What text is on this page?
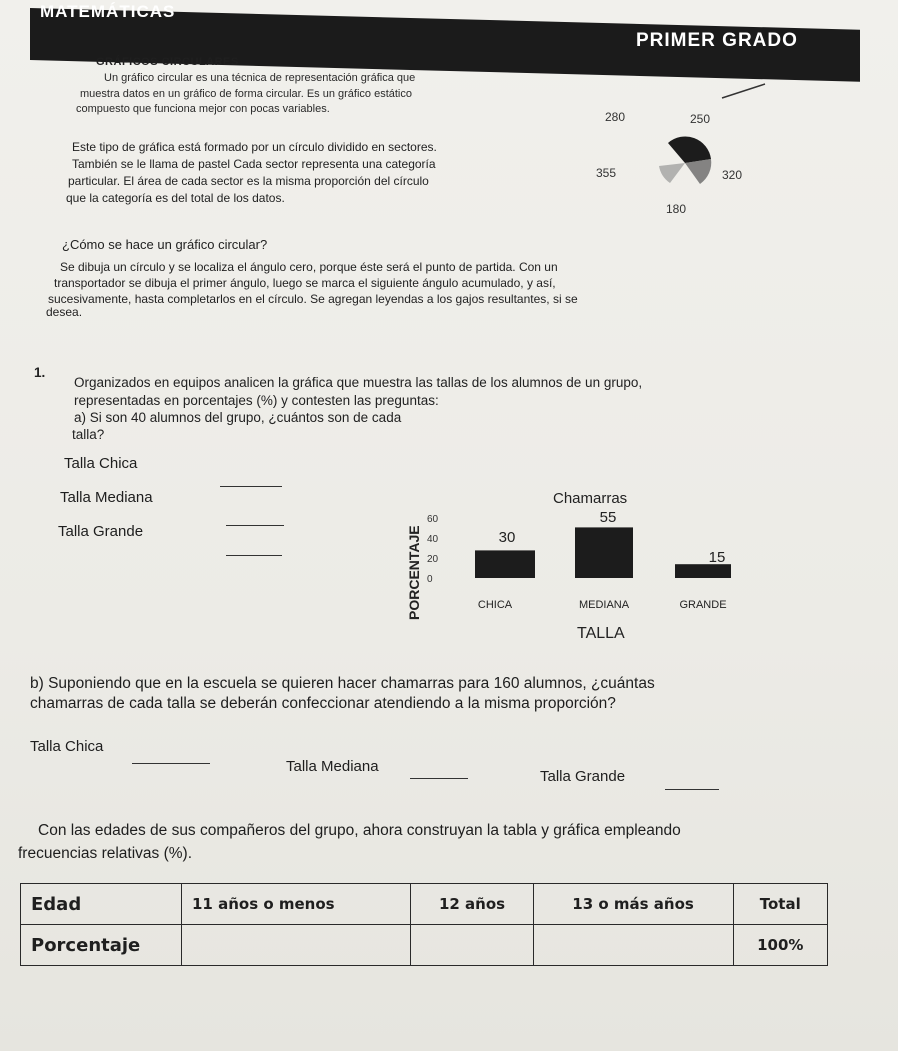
MATEMÁTICAS
PRIMER GRADO
GRÁFICOS CIRCULARES
Un gráfico circular es una técnica de representación gráfica que
muestra datos en un gráfico de forma circular. Es un gráfico estático
compuesto que funciona mejor con pocas variables.
Este tipo de gráfica está formado por un círculo dividido en sectores.
También se le llama de pastel Cada sector representa una categoría
particular. El área de cada sector es la misma proporción del círculo
que la categoría es del total de los datos.
280	250
355	320
180
¿Cómo se hace un gráfico circular?
Se dibuja un círculo y se localiza el ángulo cero, porque éste será el punto de partida. Con un
transportador se dibuja el primer ángulo, luego se marca el siguiente ángulo acumulado, y así,
sucesivamente, hasta completarlos en el círculo. Se agregan leyendas a los gajos resultantes, si se
desea.
1.
Organizados en equipos analicen la gráfica que muestra las tallas de los alumnos de un grupo,
representadas en porcentajes (%) y contesten las preguntas:
a) Si son 40 alumnos del grupo, ¿cuántos son de cada
talla?
Talla Chica
Talla Mediana
Talla Grande
Chamarras
TALLA
PORCENTAJE
60
40
20
0
30
CHICA
55
MEDIANA
15
GRANDE
b) Suponiendo que en la escuela se quieren hacer chamarras para 160 alumnos, ¿cuántas
chamarras de cada talla se deberán confeccionar atendiendo a la misma proporción?
Talla Chica
Talla Mediana
Talla Grande
Con las edades de sus compañeros del grupo, ahora construyan la tabla y gráfica empleando
frecuencias relativas (%).
Edad	11 años o menos	12 años	13 o más años	Total
Porcentaje				100%
